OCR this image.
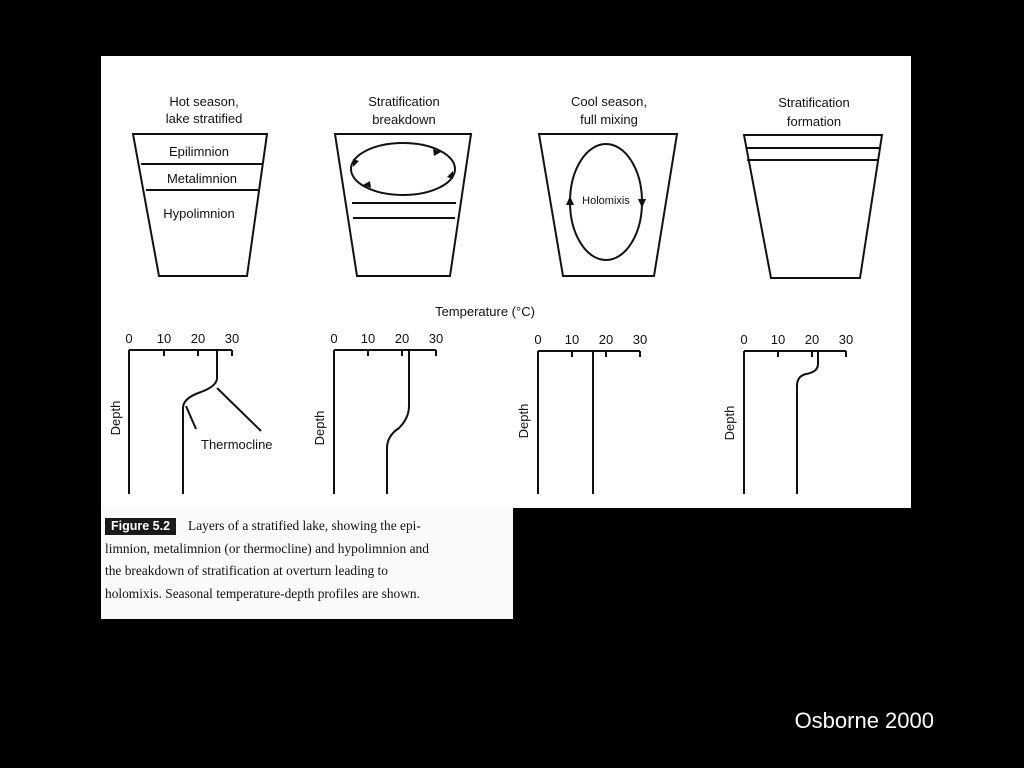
Hot season,
lake stratified
Epilimnion
Metalimnion
Hypolimnion
Stratification
breakdown
Cool season,
full mixing
Holomixis
Stratification
formation
Temperature (°C)
0 10 20 30
Thermocline
Depth
0 10 20 30
Depth
0 10 20 30
Depth
0 10 20 30
Depth
Figure 5.2 Layers of a stratified lake, showing the epi-
limnion, metalimnion (or thermocline) and hypolimnion and
the breakdown of stratification at overturn leading to
holomixis. Seasonal temperature-depth profiles are shown.
Osborne 2000
